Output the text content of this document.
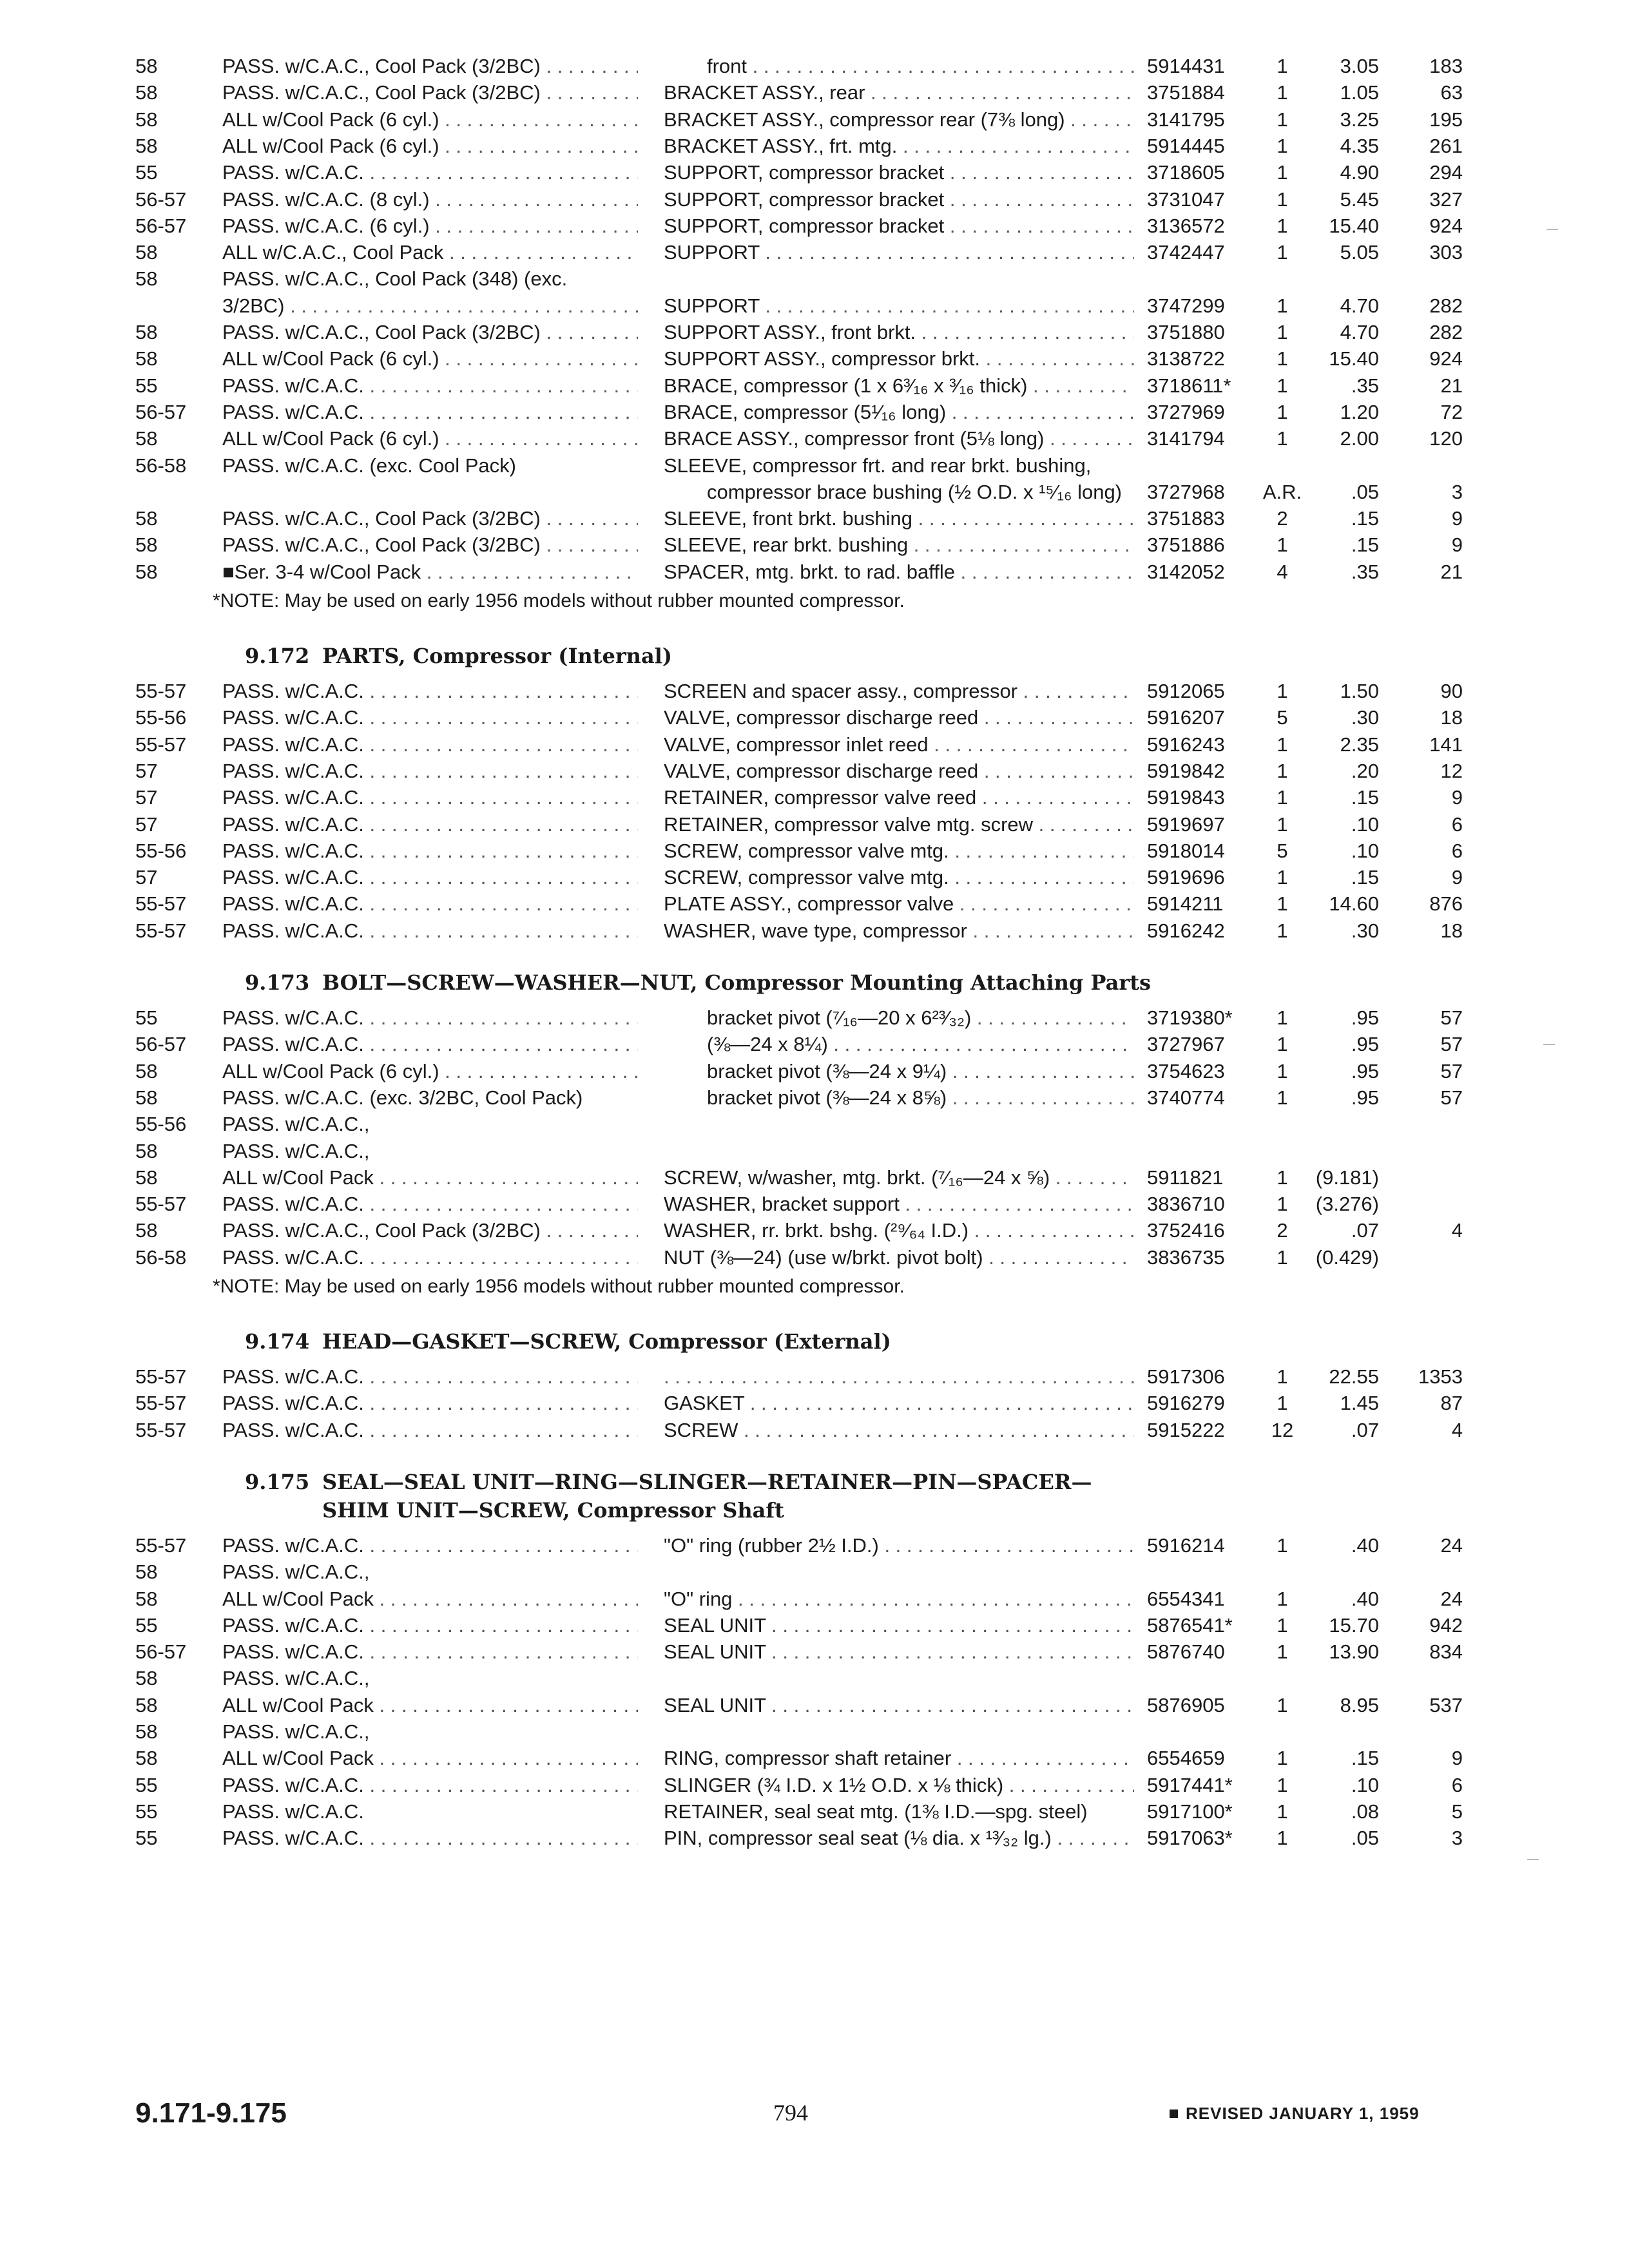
58	PASS. w/C.A.C., Cool Pack (3/2BC) . . .	front . . .	5914431	1	3.05	183
58	PASS. w/C.A.C., Cool Pack (3/2BC) . . .	BRACKET ASSY., rear . . .	3751884	1	1.05	63
58	ALL w/Cool Pack (6 cyl.) . . .	BRACKET ASSY., compressor rear (7⅜ long) . . .	3141795	1	3.25	195
58	ALL w/Cool Pack (6 cyl.) . . .	BRACKET ASSY., frt. mtg. . . .	5914445	1	4.35	261
55	PASS. w/C.A.C. . . .	SUPPORT, compressor bracket . . .	3718605	1	4.90	294
56-57 PASS. w/C.A.C. (8 cyl.) . . .	SUPPORT, compressor bracket . . .	3731047	1	5.45	327
56-57 PASS. w/C.A.C. (6 cyl.) . . .	SUPPORT, compressor bracket . . .	3136572	1	15.40	924
58	ALL w/C.A.C., Cool Pack . . .	SUPPORT . . .	3742447	1	5.05	303
58	PASS. w/C.A.C., Cool Pack (348) (exc.
3/2BC) . . .	SUPPORT . . .	3747299	1	4.70	282
58	PASS. w/C.A.C., Cool Pack (3/2BC) . . .	SUPPORT ASSY., front brkt. . . .	3751880	1	4.70	282
58	ALL w/Cool Pack (6 cyl.) . . .	SUPPORT ASSY., compressor brkt. . . .	3138722	1	15.40	924
55	PASS. w/C.A.C. . . .	BRACE, compressor (1 x 6³⁄₁₆ x ³⁄₁₆ thick) . . .	3718611*	1	.35	21
56-57 PASS. w/C.A.C. . . .	BRACE, compressor (5¹⁄₁₆ long) . . .	3727969	1	1.20	72
58	ALL w/Cool Pack (6 cyl.) . . .	BRACE ASSY., compressor front (5⅛ long) . . .	3141794	1	2.00	120
56-58 PASS. w/C.A.C. (exc. Cool Pack)	SLEEVE, compressor frt. and rear brkt. bushing,
compressor brace bushing (½ O.D. x ¹⁵⁄₁₆ long)	3727968	A.R.	.05	3
58	PASS. w/C.A.C., Cool Pack (3/2BC) . . .	SLEEVE, front brkt. bushing . . .	3751883	2	.15	9
58	PASS. w/C.A.C., Cool Pack (3/2BC) . . .	SLEEVE, rear brkt. bushing . . .	3751886	1	.15	9
58	■Ser. 3-4 w/Cool Pack . . .	SPACER, mtg. brkt. to rad. baffle . . .	3142052	4	.35	21
*NOTE: May be used on early 1956 models without rubber mounted compressor.
9.172 PARTS, Compressor (Internal)
55-57 PASS. w/C.A.C. . . .	SCREEN and spacer assy., compressor . . .	5912065	1	1.50	90
55-56 PASS. w/C.A.C. . . .	VALVE, compressor discharge reed . . .	5916207	5	.30	18
55-57 PASS. w/C.A.C. . . .	VALVE, compressor inlet reed . . .	5916243	1	2.35	141
57	PASS. w/C.A.C. . . .	VALVE, compressor discharge reed . . .	5919842	1	.20	12
57	PASS. w/C.A.C. . . .	RETAINER, compressor valve reed . . .	5919843	1	.15	9
57	PASS. w/C.A.C. . . .	RETAINER, compressor valve mtg. screw . . .	5919697	1	.10	6
55-56 PASS. w/C.A.C. . . .	SCREW, compressor valve mtg. . . .	5918014	5	.10	6
57	PASS. w/C.A.C. . . .	SCREW, compressor valve mtg. . . .	5919696	1	.15	9
55-57 PASS. w/C.A.C. . . .	PLATE ASSY., compressor valve . . .	5914211	1	14.60	876
55-57 PASS. w/C.A.C. . . .	WASHER, wave type, compressor . . .	5916242	1	.30	18
9.173 BOLT—SCREW—WASHER—NUT, Compressor Mounting Attaching Parts
55	PASS. w/C.A.C. . . .	bracket pivot (⁷⁄₁₆—20 x 6²³⁄₃₂) . . .	3719380*	1	.95	57
56-57 PASS. w/C.A.C. . . .	(⅜—24 x 8¼) . . .	3727967	1	.95	57
58	ALL w/Cool Pack (6 cyl.) . . .	bracket pivot (⅜—24 x 9¼) . . .	3754623	1	.95	57
58	PASS. w/C.A.C. (exc. 3/2BC, Cool Pack)	bracket pivot (⅜—24 x 8⅝) . . .	3740774	1	.95	57
55-56 PASS. w/C.A.C.,
58	PASS. w/C.A.C.,
58	ALL w/Cool Pack . . .	SCREW, w/washer, mtg. brkt. (⁷⁄₁₆—24 x ⅝) . . .	5911821	1	(9.181)
55-57 PASS. w/C.A.C. . . .	WASHER, bracket support . . .	3836710	1	(3.276)
58	PASS. w/C.A.C., Cool Pack (3/2BC) . . .	WASHER, rr. brkt. bshg. (²⁹⁄₆₄ I.D.) . . .	3752416	2	.07	4
56-58 PASS. w/C.A.C. . . .	NUT (⅜—24) (use w/brkt. pivot bolt) . . .	3836735	1	(0.429)
*NOTE: May be used on early 1956 models without rubber mounted compressor.
9.174 HEAD—GASKET—SCREW, Compressor (External)
55-57 PASS. w/C.A.C. . . .
. . .	5917306	1	22.55	1353
55-57 PASS. w/C.A.C. . . .	GASKET . . .	5916279	1	1.45	87
55-57 PASS. w/C.A.C. . . .	SCREW . . .	5915222	12	.07	4
9.175 SEAL—SEAL UNIT—RING—SLINGER—RETAINER—PIN—SPACER—
SHIM UNIT—SCREW, Compressor Shaft
55-57 PASS. w/C.A.C. . . .	"O" ring (rubber 2½ I.D.) . . .	5916214	1	.40	24
58	PASS. w/C.A.C.,
58	ALL w/Cool Pack . . .	"O" ring . . .	6554341	1	.40	24
55	PASS. w/C.A.C. . . .	SEAL UNIT . . .	5876541*	1	15.70	942
56-57 PASS. w/C.A.C. . . .	SEAL UNIT . . .	5876740	1	13.90	834
58	PASS. w/C.A.C.,
58	ALL w/Cool Pack . . .	SEAL UNIT . . .	5876905	1	8.95	537
58	PASS. w/C.A.C.,
58	ALL w/Cool Pack . . .	RING, compressor shaft retainer . . .	6554659	1	.15	9
55	PASS. w/C.A.C. . . .	SLINGER (¾ I.D. x 1½ O.D. x ⅛ thick) . . .	5917441*	1	.10	6
55	PASS. w/C.A.C.	RETAINER, seal seat mtg. (1⅜ I.D.—spg. steel)	5917100*	1	.08	5
55	PASS. w/C.A.C. . . .	PIN, compressor seal seat (⅛ dia. x ¹³⁄₃₂ lg.) . . .	5917063*	1	.05	3
9.171-9.175	794	REVISED JANUARY 1, 1959
